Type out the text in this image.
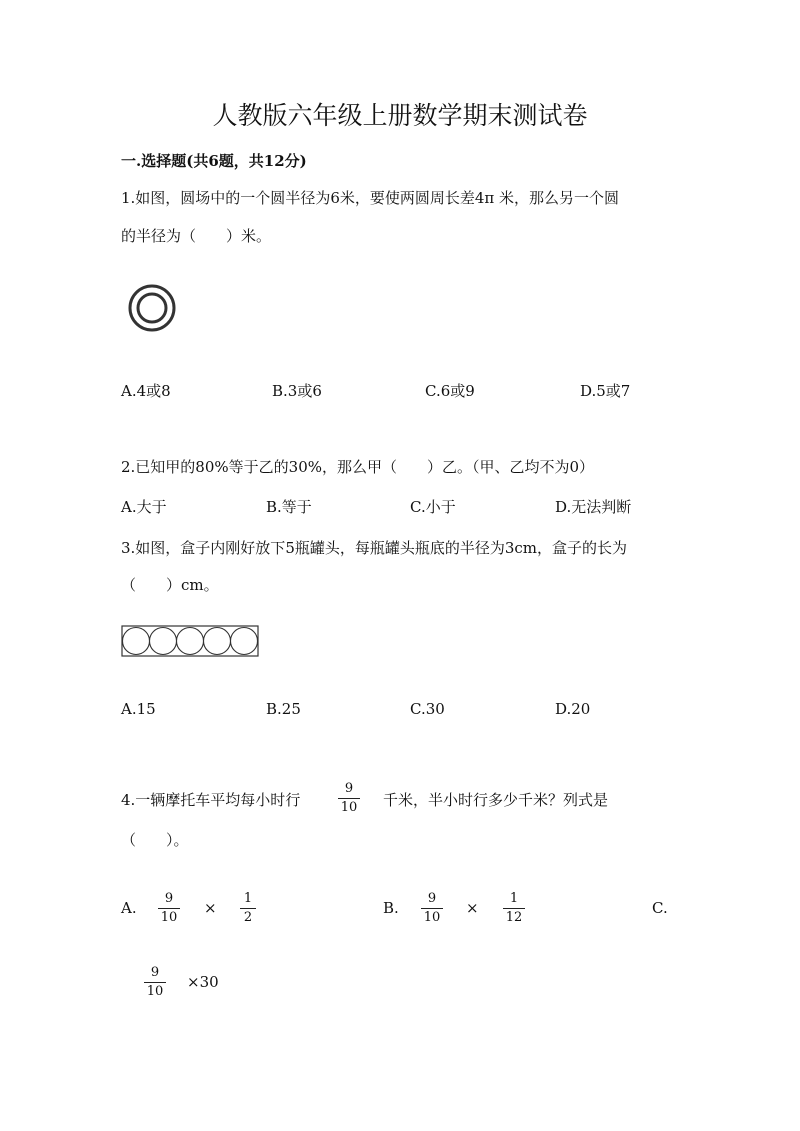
人教版六年级上册数学期末测试卷
一.选择题(共6题，共12分)
1.如图，圆场中的一个圆半径为6米，要使两圆周长差4π 米，那么另一个圆
的半径为（　　）米。
A.4或8	B.3或6	C.6或9	D.5或7
2.已知甲的80%等于乙的30%，那么甲（　　）乙。（甲、乙均不为0）
A.大于	B.等于	C.小于	D.无法判断
3.如图，盒子内刚好放下5瓶罐头，每瓶罐头瓶底的半径为3cm，盒子的长为
（　　）cm。
A.15	B.25	C.30	D.20
4.一辆摩托车平均每小时行
9
10 千米，半小时行多少千米？列式是
（　　）。
A.
9
10
×
1
2
B.
9
10
×
1
12
C.
9
10
×30
